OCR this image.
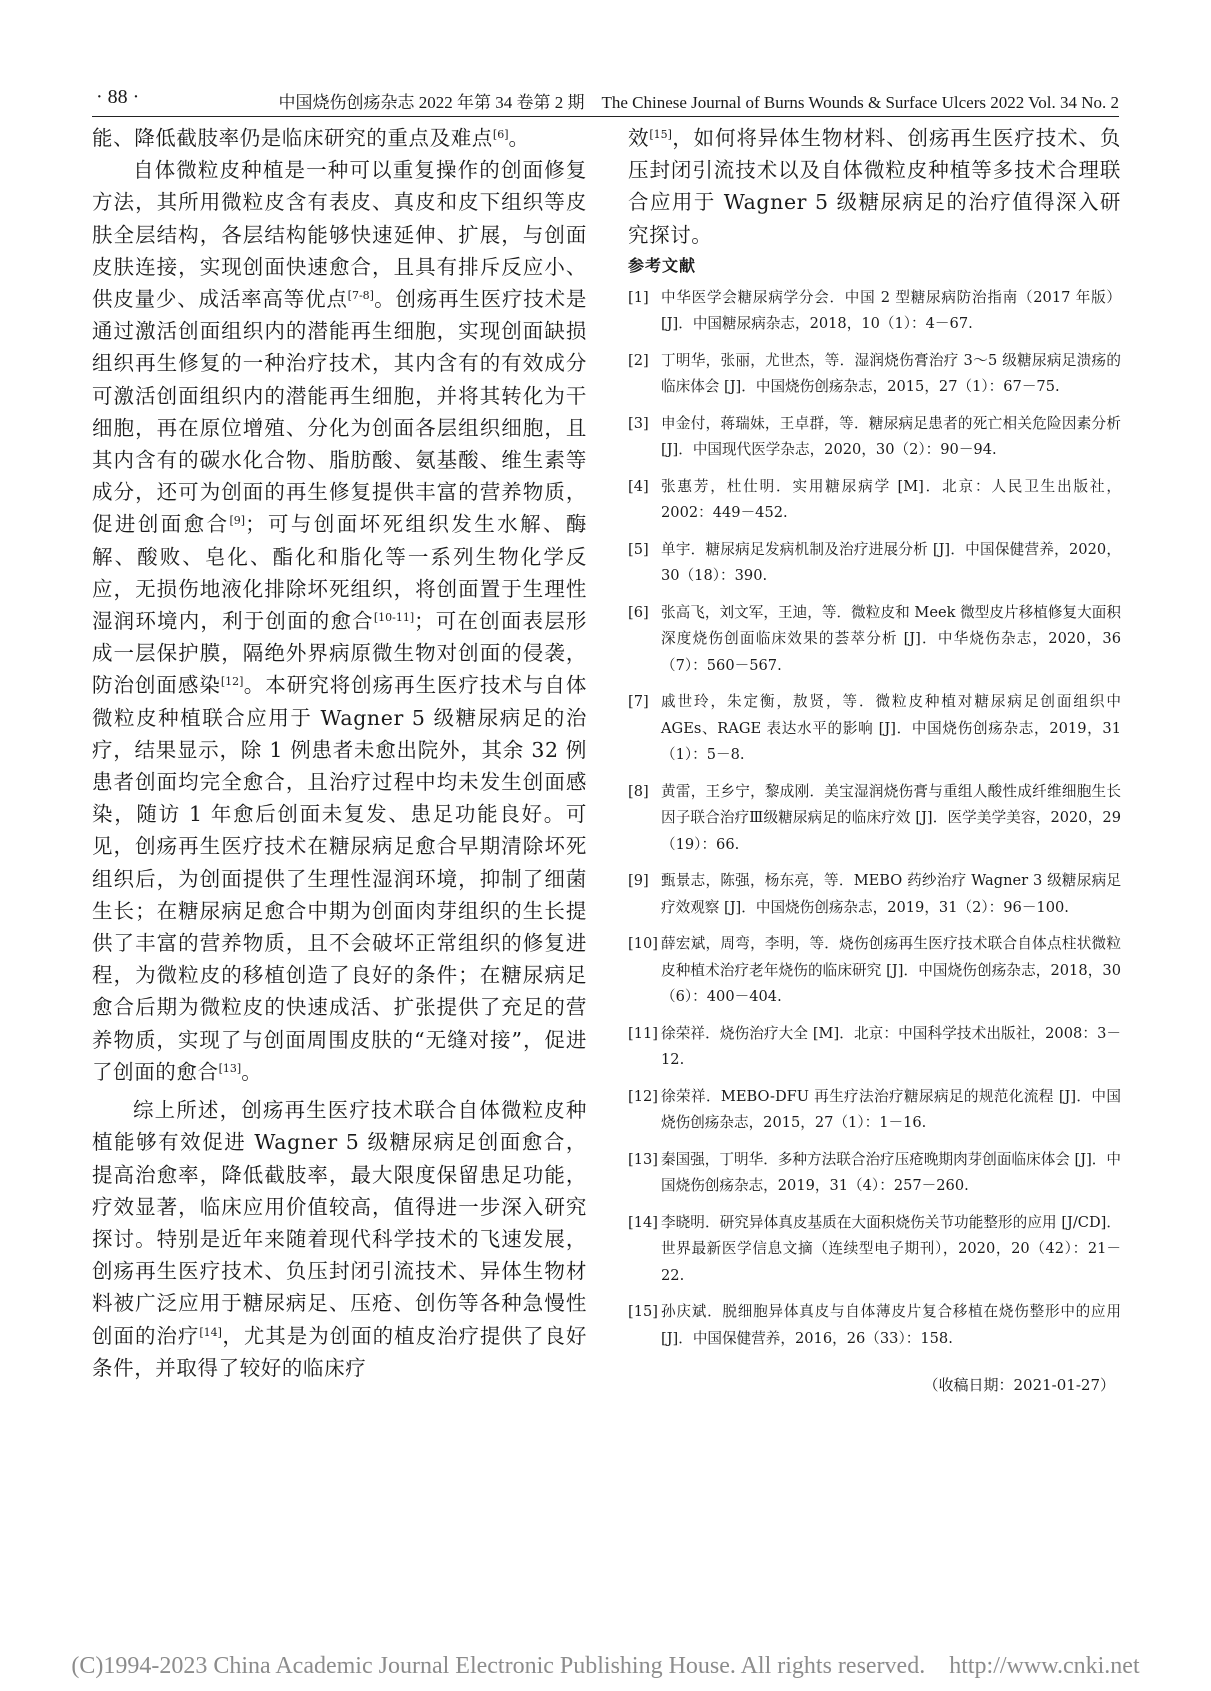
· 88 ·	中国烧伤创疡杂志 2022 年第 34 卷第 2 期　The Chinese Journal of Burns Wounds & Surface Ulcers 2022 Vol. 34 No. 2

能、降低截肢率仍是临床研究的重点及难点[6]。

自体微粒皮种植是一种可以重复操作的创面修复方法，其所用微粒皮含有表皮、真皮和皮下组织等皮肤全层结构，各层结构能够快速延伸、扩展，与创面皮肤连接，实现创面快速愈合，且具有排斥反应小、供皮量少、成活率高等优点[7-8]。创疡再生医疗技术是通过激活创面组织内的潜能再生细胞，实现创面缺损组织再生修复的一种治疗技术，其内含有的有效成分可激活创面组织内的潜能再生细胞，并将其转化为干细胞，再在原位增殖、分化为创面各层组织细胞，且其内含有的碳水化合物、脂肪酸、氨基酸、维生素等成分，还可为创面的再生修复提供丰富的营养物质，促进创面愈合[9]；可与创面坏死组织发生水解、酶解、酸败、皂化、酯化和脂化等一系列生物化学反应，无损伤地液化排除坏死组织，将创面置于生理性湿润环境内，利于创面的愈合[10-11]；可在创面表层形成一层保护膜，隔绝外界病原微生物对创面的侵袭，防治创面感染[12]。本研究将创疡再生医疗技术与自体微粒皮种植联合应用于 Wagner 5 级糖尿病足的治疗，结果显示，除 1 例患者未愈出院外，其余 32 例患者创面均完全愈合，且治疗过程中均未发生创面感染，随访 1 年愈后创面未复发、患足功能良好。可见，创疡再生医疗技术在糖尿病足愈合早期清除坏死组织后，为创面提供了生理性湿润环境，抑制了细菌生长；在糖尿病足愈合中期为创面肉芽组织的生长提供了丰富的营养物质，且不会破坏正常组织的修复进程，为微粒皮的移植创造了良好的条件；在糖尿病足愈合后期为微粒皮的快速成活、扩张提供了充足的营养物质，实现了与创面周围皮肤的“无缝对接”，促进了创面的愈合[13]。

综上所述，创疡再生医疗技术联合自体微粒皮种植能够有效促进 Wagner 5 级糖尿病足创面愈合，提高治愈率，降低截肢率，最大限度保留患足功能，疗效显著，临床应用价值较高，值得进一步深入研究探讨。特别是近年来随着现代科学技术的飞速发展，创疡再生医疗技术、负压封闭引流技术、异体生物材料被广泛应用于糖尿病足、压疮、创伤等各种急慢性创面的治疗[14]，尤其是为创面的植皮治疗提供了良好条件，并取得了较好的临床疗

效[15]，如何将异体生物材料、创疡再生医疗技术、负压封闭引流技术以及自体微粒皮种植等多技术合理联合应用于 Wagner 5 级糖尿病足的治疗值得深入研究探讨。

参考文献
[1] 中华医学会糖尿病学分会．中国 2 型糖尿病防治指南（2017 年版）[J]．中国糖尿病杂志，2018，10（1）：4－67.
[2] 丁明华，张丽，尤世杰，等．湿润烧伤膏治疗 3～5 级糖尿病足溃疡的临床体会 [J]．中国烧伤创疡杂志，2015，27（1）：67－75.
[3] 申金付，蒋瑞妹，王卓群，等．糖尿病足患者的死亡相关危险因素分析 [J]．中国现代医学杂志，2020，30（2）：90－94.
[4] 张惠芳，杜仕明．实用糖尿病学 [M]．北京：人民卫生出版社，2002：449－452.
[5] 单宇．糖尿病足发病机制及治疗进展分析 [J]．中国保健营养，2020，30（18）：390.
[6] 张高飞，刘文军，王迪，等．微粒皮和 Meek 微型皮片移植修复大面积深度烧伤创面临床效果的荟萃分析 [J]．中华烧伤杂志，2020，36（7）：560－567.
[7] 戚世玲，朱定衡，敖贤，等．微粒皮种植对糖尿病足创面组织中 AGEs、RAGE 表达水平的影响 [J]．中国烧伤创疡杂志，2019，31（1）：5－8.
[8] 黄雷，王乡宁，黎成刚．美宝湿润烧伤膏与重组人酸性成纤维细胞生长因子联合治疗Ⅲ级糖尿病足的临床疗效 [J]．医学美学美容，2020，29（19）：66.
[9] 甄景志，陈强，杨东亮，等．MEBO 药纱治疗 Wagner 3 级糖尿病足疗效观察 [J]．中国烧伤创疡杂志，2019，31（2）：96－100.
[10] 薛宏斌，周弯，李明，等．烧伤创疡再生医疗技术联合自体点柱状微粒皮种植术治疗老年烧伤的临床研究 [J]．中国烧伤创疡杂志，2018，30（6）：400－404.
[11] 徐荣祥．烧伤治疗大全 [M]．北京：中国科学技术出版社，2008：3－12.
[12] 徐荣祥．MEBO-DFU 再生疗法治疗糖尿病足的规范化流程 [J]．中国烧伤创疡杂志，2015，27（1）：1－16.
[13] 秦国强，丁明华．多种方法联合治疗压疮晚期肉芽创面临床体会 [J]．中国烧伤创疡杂志，2019，31（4）：257－260.
[14] 李晓明．研究异体真皮基质在大面积烧伤关节功能整形的应用 [J/CD]．世界最新医学信息文摘（连续型电子期刊），2020，20（42）：21－22.
[15] 孙庆斌．脱细胞异体真皮与自体薄皮片复合移植在烧伤整形中的应用 [J]．中国保健营养，2016，26（33）：158.
（收稿日期：2021-01-27）
(C)1994-2023 China Academic Journal Electronic Publishing House. All rights reserved.　http://www.cnki.net
